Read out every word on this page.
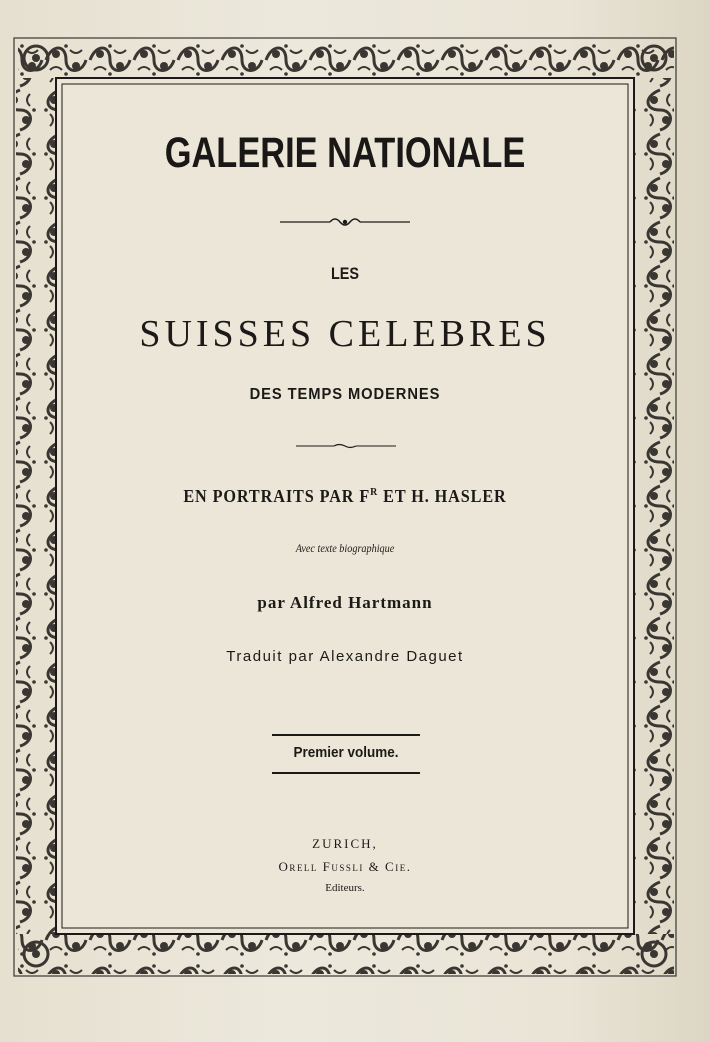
GALERIE NATIONALE
LES
SUISSES CELEBRES
DES TEMPS MODERNES
EN PORTRAITS PAR $F^R$ ET H. HASLER
Avec texte biographique
par Alfred Hartmann
Traduit par Alexandre Daguet
Premier volume.
ZURICH,
Orell Fussli & Cie.
Editeurs.
